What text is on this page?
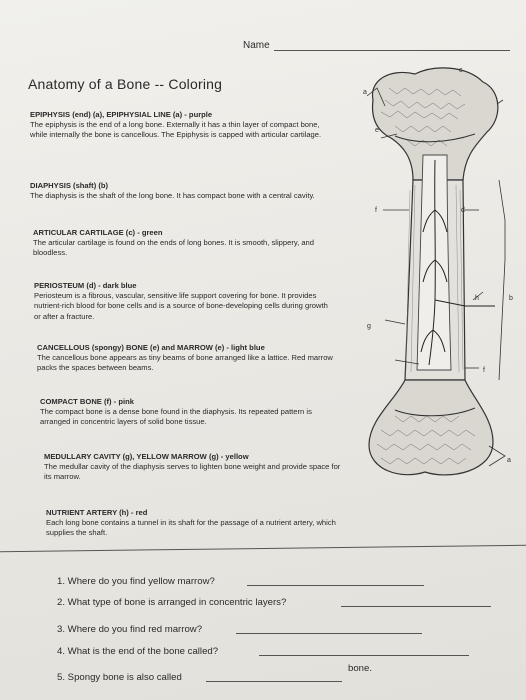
Name
Anatomy of a Bone -- Coloring
EPIPHYSIS (end) (a), EPIPHYSIAL LINE (a) - purple
The epiphysis is the end of a long bone. Externally it has a thin layer of compact bone, while internally the bone is cancellous. The Epiphysis is capped with articular cartilage.
DIAPHYSIS (shaft) (b)
The diaphysis is the shaft of the long bone. It has compact bone with a central cavity.
ARTICULAR CARTILAGE (c) - green
The articular cartilage is found on the ends of long bones. It is smooth, slippery, and bloodless.
PERIOSTEUM (d) - dark blue
Periosteum is a fibrous, vascular, sensitive life support covering for bone. It provides nutrient-rich blood for bone cells and is a source of bone-developing cells during growth or after a fracture.
CANCELLOUS (spongy) BONE (e) and MARROW (e) - light blue
The cancellous bone appears as tiny beams of bone arranged like a lattice. Red marrow packs the spaces between beams.
COMPACT BONE (f) - pink
The compact bone is a dense bone found in the diaphysis. Its repeated pattern is arranged in concentric layers of solid bone tissue.
MEDULLARY CAVITY (g), YELLOW MARROW (g) - yellow
The medullar cavity of the diaphysis serves to lighten bone weight and provide space for its marrow.
NUTRIENT ARTERY (h) - red
Each long bone contains a tunnel in its shaft for the passage of a nutrient artery, which supplies the shaft.
a
c
e
f	d
h	b
g
f
a
1. Where do you find yellow marrow?
2. What type of bone is arranged in concentric layers?
3. Where do you find red marrow?
4. What is the end of the bone called?
5. Spongy bone is also called
bone.
